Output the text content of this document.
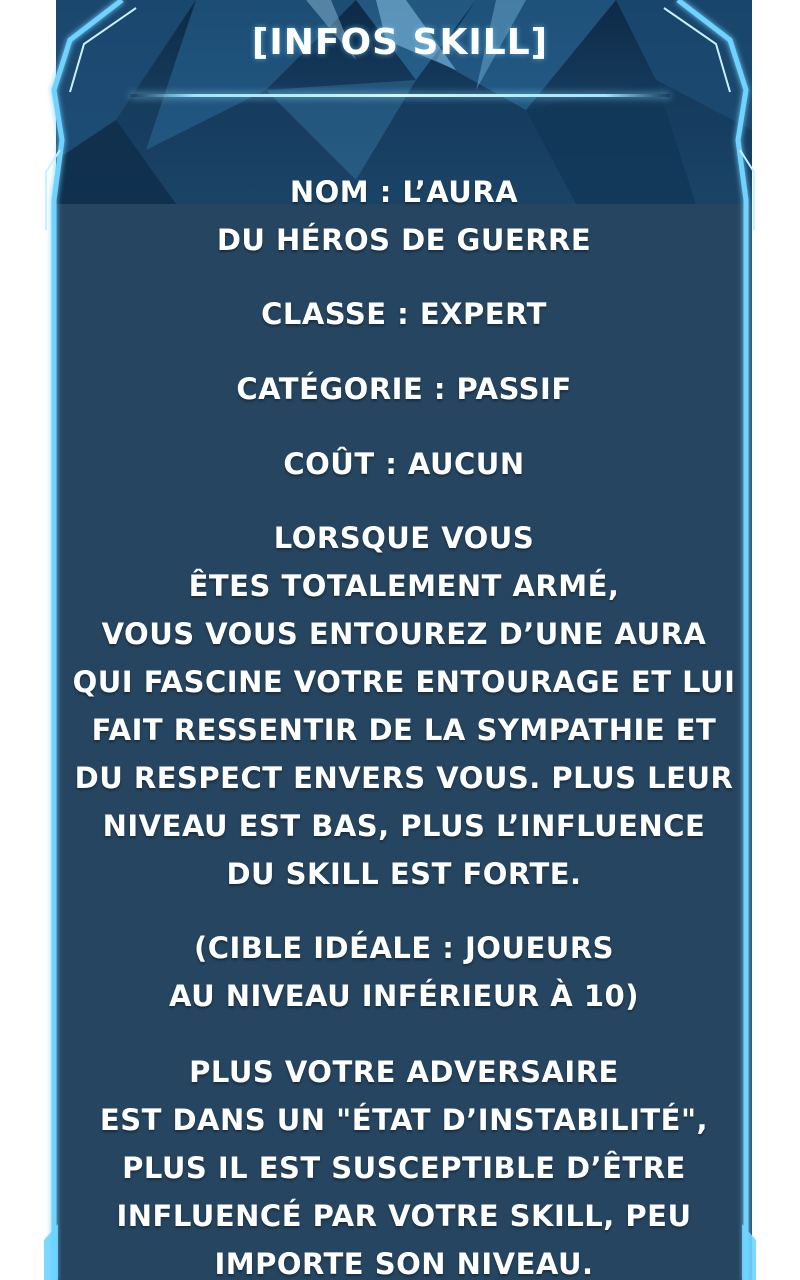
[INFOS SKILL]
NOM : L’AURA
DU HÉROS DE GUERRE
CLASSE : EXPERT
CATÉGORIE : PASSIF
COÛT : AUCUN
LORSQUE VOUS
ÊTES TOTALEMENT ARMÉ,
VOUS VOUS ENTOUREZ D’UNE AURA
QUI FASCINE VOTRE ENTOURAGE ET LUI
FAIT RESSENTIR DE LA SYMPATHIE ET
DU RESPECT ENVERS VOUS. PLUS LEUR
NIVEAU EST BAS, PLUS L’INFLUENCE
DU SKILL EST FORTE.
(CIBLE IDÉALE : JOUEURS
AU NIVEAU INFÉRIEUR À 10)
PLUS VOTRE ADVERSAIRE
EST DANS UN "ÉTAT D’INSTABILITÉ",
PLUS IL EST SUSCEPTIBLE D’ÊTRE
INFLUENCÉ PAR VOTRE SKILL, PEU
IMPORTE SON NIVEAU.
